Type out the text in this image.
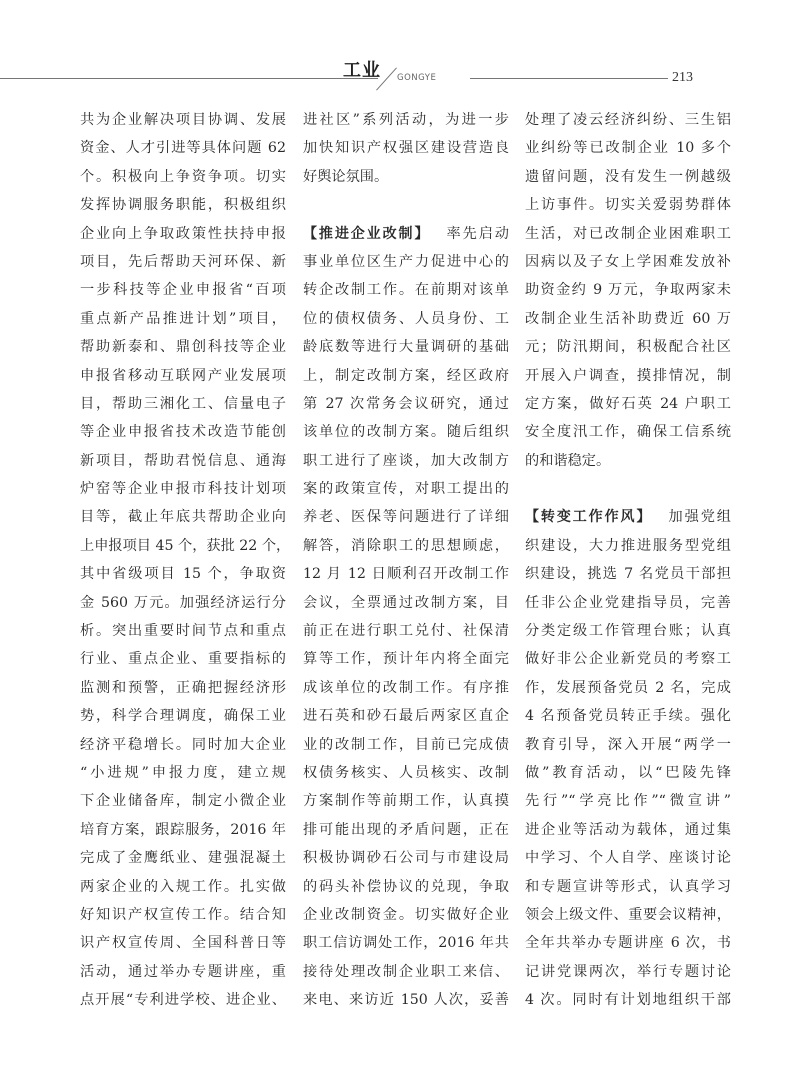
工业 GONGYE	213
共为企业解决项目协调、发展
资金、人才引进等具体问题 62
个。积极向上争资争项。切实
发挥协调服务职能，积极组织
企业向上争取政策性扶持申报
项目，先后帮助天河环保、新
一步科技等企业申报省“百项
重点新产品推进计划”项目，
帮助新泰和、鼎创科技等企业
申报省移动互联网产业发展项
目，帮助三湘化工、信量电子
等企业申报省技术改造节能创
新项目，帮助君悦信息、通海
炉窑等企业申报市科技计划项
目等，截止年底共帮助企业向
上申报项目 45 个，获批 22 个，
其中省级项目 15 个，争取资
金 560 万元。加强经济运行分
析。突出重要时间节点和重点
行业、重点企业、重要指标的
监测和预警，正确把握经济形
势，科学合理调度，确保工业
经济平稳增长。同时加大企业
“小进规”申报力度，建立规
下企业储备库，制定小微企业
培育方案，跟踪服务，2016 年
完成了金鹰纸业、建强混凝土
两家企业的入规工作。扎实做
好知识产权宣传工作。结合知
识产权宣传周、全国科普日等
活动，通过举办专题讲座，重
点开展“专利进学校、进企业、
进社区”系列活动，为进一步
加快知识产权强区建设营造良
好舆论氛围。
【推进企业改制】  率先启动
事业单位区生产力促进中心的
转企改制工作。在前期对该单
位的债权债务、人员身份、工
龄底数等进行大量调研的基础
上，制定改制方案，经区政府
第 27 次常务会议研究，通过
该单位的改制方案。随后组织
职工进行了座谈，加大改制方
案的政策宣传，对职工提出的
养老、医保等问题进行了详细
解答，消除职工的思想顾虑，
12 月 12 日顺利召开改制工作
会议，全票通过改制方案，目
前正在进行职工兑付、社保清
算等工作，预计年内将全面完
成该单位的改制工作。有序推
进石英和砂石最后两家区直企
业的改制工作，目前已完成债
权债务核实、人员核实、改制
方案制作等前期工作，认真摸
排可能出现的矛盾问题，正在
积极协调砂石公司与市建设局
的码头补偿协议的兑现，争取
企业改制资金。切实做好企业
职工信访调处工作，2016 年共
接待处理改制企业职工来信、
来电、来访近 150 人次，妥善
处理了凌云经济纠纷、三生铝
业纠纷等已改制企业 10 多个
遗留问题，没有发生一例越级
上访事件。切实关爱弱势群体
生活，对已改制企业困难职工
因病以及子女上学困难发放补
助资金约 9 万元，争取两家未
改制企业生活补助费近 60 万
元；防汛期间，积极配合社区
开展入户调查，摸排情况，制
定方案，做好石英 24 户职工
安全度汛工作，确保工信系统
的和谐稳定。
【转变工作作风】  加强党组
织建设，大力推进服务型党组
织建设，挑选 7 名党员干部担
任非公企业党建指导员，完善
分类定级工作管理台账；认真
做好非公企业新党员的考察工
作，发展预备党员 2 名，完成
4 名预备党员转正手续。强化
教育引导，深入开展“两学一
做”教育活动，以“巴陵先锋
先行”“学亮比作”“微宣讲”
进企业等活动为载体，通过集
中学习、个人自学、座谈讨论
和专题宣讲等形式，认真学习
领会上级文件、重要会议精神，
全年共举办专题讲座 6 次，书
记讲党课两次，举行专题讨论
4 次。同时有计划地组织干部
